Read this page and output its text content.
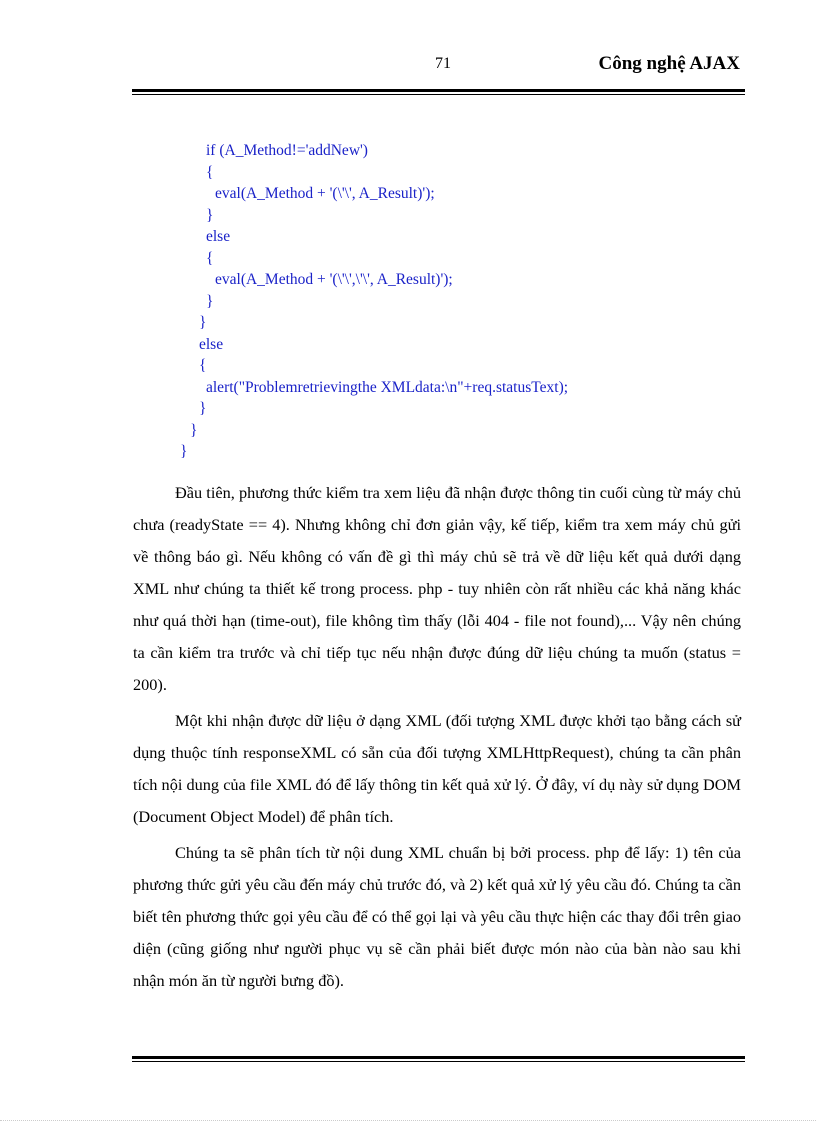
71	Công nghệ AJAX
if (A_Method!='addNew')
{
eval(A_Method + '(\'\', A_Result)');
}
else
{
eval(A_Method + '(\'\',\'\', A_Result)');
}
}
else
{
alert("Problemretrievingthe XMLdata:\n"+req.statusText);
}
}
}

Đầu tiên, phương thức kiểm tra xem liệu đã nhận được thông tin cuối cùng từ máy chủ chưa (readyState == 4). Nhưng không chỉ đơn giản vậy, kế tiếp, kiểm tra xem máy chủ gửi về thông báo gì. Nếu không có vấn đề gì thì máy chủ sẽ trả về dữ liệu kết quả dưới dạng XML như chúng ta thiết kế trong process. php - tuy nhiên còn rất nhiều các khả năng khác như quá thời hạn (time-out), file không tìm thấy (lỗi 404 - file not found),... Vậy nên chúng ta cần kiểm tra trước và chỉ tiếp tục nếu nhận được đúng dữ liệu chúng ta muốn (status = 200).

Một khi nhận được dữ liệu ở dạng XML (đối tượng XML được khởi tạo bằng cách sử dụng thuộc tính responseXML có sẵn của đối tượng XMLHttpRequest), chúng ta cần phân tích nội dung của file XML đó để lấy thông tin kết quả xử lý. Ở đây, ví dụ này sử dụng DOM (Document Object Model) để phân tích.

Chúng ta sẽ phân tích từ nội dung XML chuẩn bị bởi process. php để lấy: 1) tên của phương thức gửi yêu cầu đến máy chủ trước đó, và 2) kết quả xử lý yêu cầu đó. Chúng ta cần biết tên phương thức gọi yêu cầu để có thể gọi lại và yêu cầu thực hiện các thay đổi trên giao diện (cũng giống như người phục vụ sẽ cần phải biết được món nào của bàn nào sau khi nhận món ăn từ người bưng đồ).
